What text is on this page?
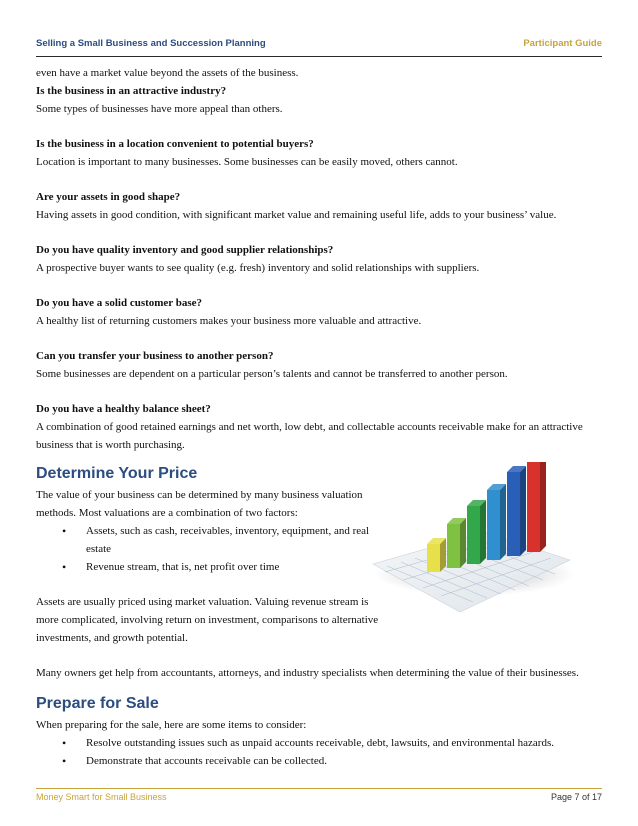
Selling a Small Business and Succession Planning	Participant Guide

even have a market value beyond the assets of the business.

Is the business in an attractive industry?

Some types of businesses have more appeal than others.

Is the business in a location convenient to potential buyers?

Location is important to many businesses. Some businesses can be easily moved, others cannot.

Are your assets in good shape?

Having assets in good condition, with significant market value and remaining useful life, adds to your business’ value.

Do you have quality inventory and good supplier relationships?

A prospective buyer wants to see quality (e.g. fresh) inventory and solid relationships with suppliers.

Do you have a solid customer base?

A healthy list of returning customers makes your business more valuable and attractive.

Can you transfer your business to another person?

Some businesses are dependent on a particular person’s talents and cannot be transferred to another person.

Do you have a healthy balance sheet?

A combination of good retained earnings and net worth, low debt, and collectable accounts receivable make for an attractive business that is worth purchasing.

Determine Your Price

The value of your business can be determined by many business valuation methods. Most valuations are a combination of two factors:

• Assets, such as cash, receivables, inventory, equipment, and real estate
• Revenue stream, that is, net profit over time

Assets are usually priced using market valuation. Valuing revenue stream is more complicated, involving return on investment, comparisons to alternative investments, and growth potential.

Many owners get help from accountants, attorneys, and industry specialists when determining the value of their businesses.

Prepare for Sale

When preparing for the sale, here are some items to consider:

• Resolve outstanding issues such as unpaid accounts receivable, debt, lawsuits, and environmental hazards.
• Demonstrate that accounts receivable can be collected.
Money Smart for Small Business	Page 7 of 17
